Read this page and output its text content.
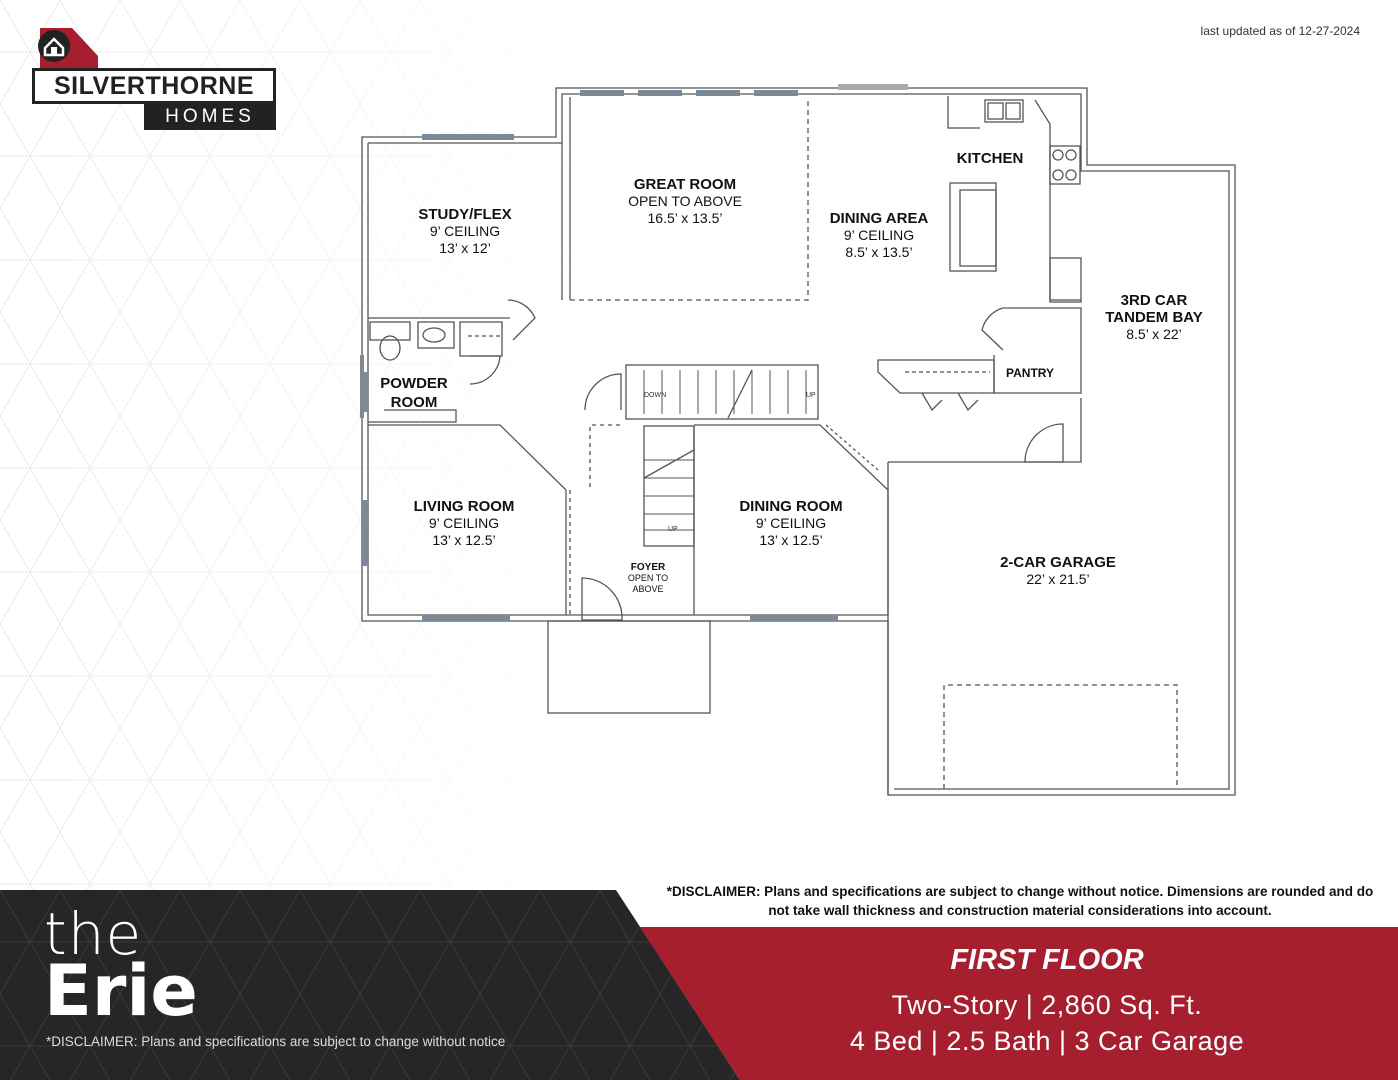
last updated as of 12-27-2024
SILVERTHORNE
HOMES
DOWN	UP
UP
STUDY/FLEX
9’ CEILING
13’ x 12’
GREAT ROOM
OPEN TO ABOVE
16.5’ x 13.5’	DINING AREA
9’ CEILING
8.5’ x 13.5’
KITCHEN
3RD CAR
TANDEM BAY
8.5’ x 22’
PANTRY
POWDER
ROOM
LIVING ROOM
9’ CEILING
13’ x 12.5’
DINING ROOM
9’ CEILING
13’ x 12.5’
FOYER
OPEN TO
ABOVE
2-CAR GARAGE
22’ x 21.5’
the
Erie
*DISCLAIMER: Plans and specifications are subject to change without notice
*DISCLAIMER: Plans and specifications are subject to change without notice. Dimensions are rounded and do not take wall thickness and construction material considerations into account.
FIRST FLOOR
Two-Story | 2,860 Sq. Ft.
4 Bed | 2.5 Bath | 3 Car Garage
